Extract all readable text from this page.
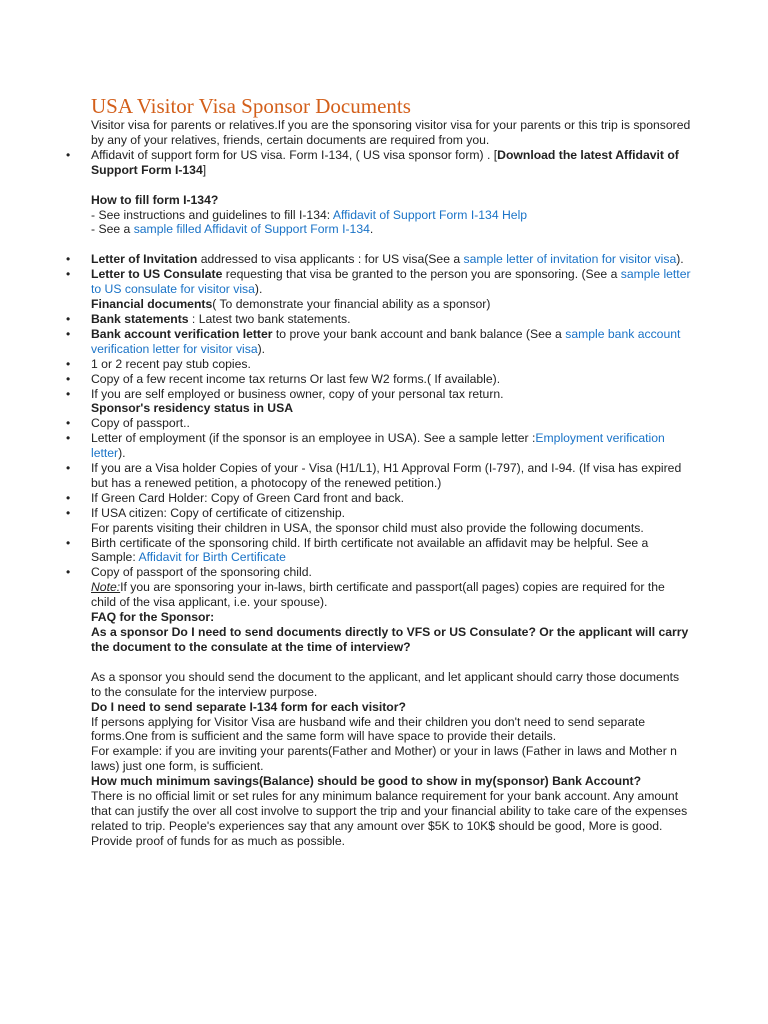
USA Visitor Visa Sponsor Documents

Visitor visa for parents or relatives.If you are the sponsoring visitor visa for your parents or this trip is sponsored by any of your relatives, friends, certain documents are required from you.

• Affidavit of support form for US visa. Form I-134, ( US visa sponsor form) . [Download the latest Affidavit of Support Form I-134]

How to fill form I-134?

- See instructions and guidelines to fill I-134: Affidavit of Support Form I-134 Help

- See a sample filled Affidavit of Support Form I-134.

• Letter of Invitation addressed to visa applicants : for US visa(See a sample letter of invitation for visitor visa).

• Letter to US Consulate requesting that visa be granted to the person you are sponsoring. (See a sample letter to US consulate for visitor visa).

Financial documents( To demonstrate your financial ability as a sponsor)

• Bank statements : Latest two bank statements.

• Bank account verification letter to prove your bank account and bank balance (See a sample bank account verification letter for visitor visa).

• 1 or 2 recent pay stub copies.

• Copy of a few recent income tax returns Or last few W2 forms.( If available).

• If you are self employed or business owner, copy of your personal tax return.

Sponsor's residency status in USA

• Copy of passport..

• Letter of employment (if the sponsor is an employee in USA). See a sample letter :Employment verification letter).

• If you are a Visa holder Copies of your - Visa (H1/L1), H1 Approval Form (I-797), and I-94. (If visa has expired but has a renewed petition, a photocopy of the renewed petition.)

• If Green Card Holder: Copy of Green Card front and back.

• If USA citizen: Copy of certificate of citizenship.

For parents visiting their children in USA, the sponsor child must also provide the following documents.

• Birth certificate of the sponsoring child. If birth certificate not available an affidavit may be helpful. See a Sample: Affidavit for Birth Certificate

• Copy of passport of the sponsoring child.

Note:If you are sponsoring your in-laws, birth certificate and passport(all pages) copies are required for the child of the visa applicant, i.e. your spouse).

FAQ for the Sponsor:

As a sponsor Do I need to send documents directly to VFS or US Consulate? Or the applicant will carry the document to the consulate at the time of interview?

As a sponsor you should send the document to the applicant, and let applicant should carry those documents to the consulate for the interview purpose.

Do I need to send separate I-134 form for each visitor?

If persons applying for Visitor Visa are husband wife and their children you don't need to send separate forms.One from is sufficient and the same form will have space to provide their details.

For example: if you are inviting your parents(Father and Mother) or your in laws (Father in laws and Mother n laws) just one form, is sufficient.

How much minimum savings(Balance) should be good to show in my(sponsor) Bank Account?

There is no official limit or set rules for any minimum balance requirement for your bank account. Any amount that can justify the over all cost involve to support the trip and your financial ability to take care of the expenses related to trip. People's experiences say that any amount over $5K to 10K$ should be good, More is good. Provide proof of funds for as much as possible.
